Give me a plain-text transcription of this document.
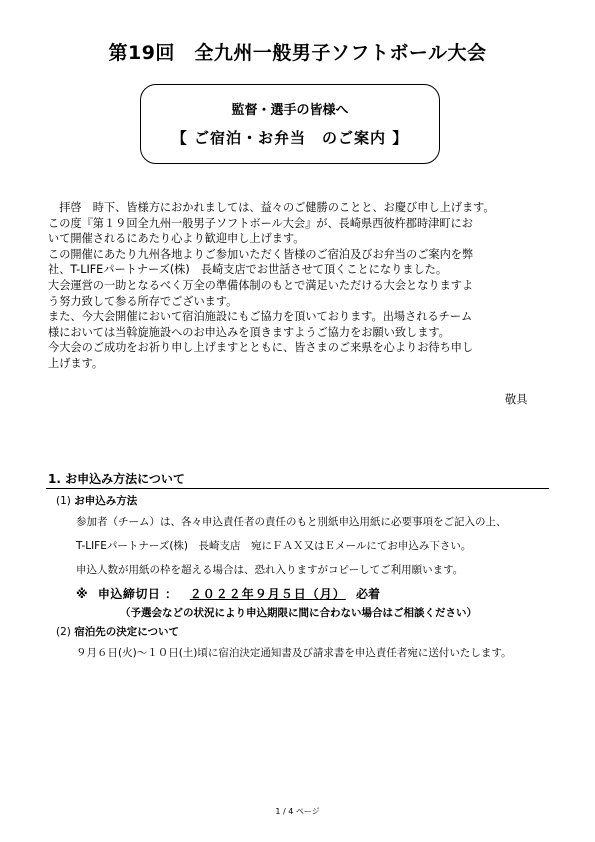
第19回　全九州一般男子ソフトボール大会
監督・選手の皆様へ
【 ご宿泊・お弁当　のご案内 】

　拝啓　時下、皆様方におかれましては、益々のご健勝のことと、お慶び申し上げます。

この度『第１９回全九州一般男子ソフトボール大会』が、長崎県西彼杵郡時津町にお

いて開催されるにあたり心より歓迎申し上げます。

この開催にあたり九州各地よりご参加いただく皆様のご宿泊及びお弁当のご案内を弊

社、T-LIFEパートナーズ(株)　長崎支店でお世話させて頂くことになりました。

大会運営の一助となるべく万全の準備体制のもとで満足いただける大会となりますよ

う努力致して参る所存でございます。

また、今大会開催において宿泊施設にもご協力を頂いております。出場されるチーム

様においては当斡旋施設へのお申込みを頂きますようご協力をお願い致します。

今大会のご成功をお祈り申し上げますとともに、皆さまのご来県を心よりお待ち申し

上げます。

敬具
1. お申込み方法について
(1) お申込み方法
参加者（チーム）は、各々申込責任者の責任のもと別紙申込用紙に必要事項をご記入の上、
T-LIFEパートナーズ(株)　長崎支店　宛にＦＡＸ又はＥメールにてお申込み下さい。
申込人数が用紙の枠を超える場合は、恐れ入りますがコピーしてご利用願います。
※ 申込締切日 ： ２０２２年９月５日（月） 必着
（予選会などの状況により申込期限に間に合わない場合はご相談ください）
(2) 宿泊先の決定について
９月６日(火)～１０日(土)頃に宿泊決定通知書及び請求書を申込責任者宛に送付いたします。
1 / 4 ページ
